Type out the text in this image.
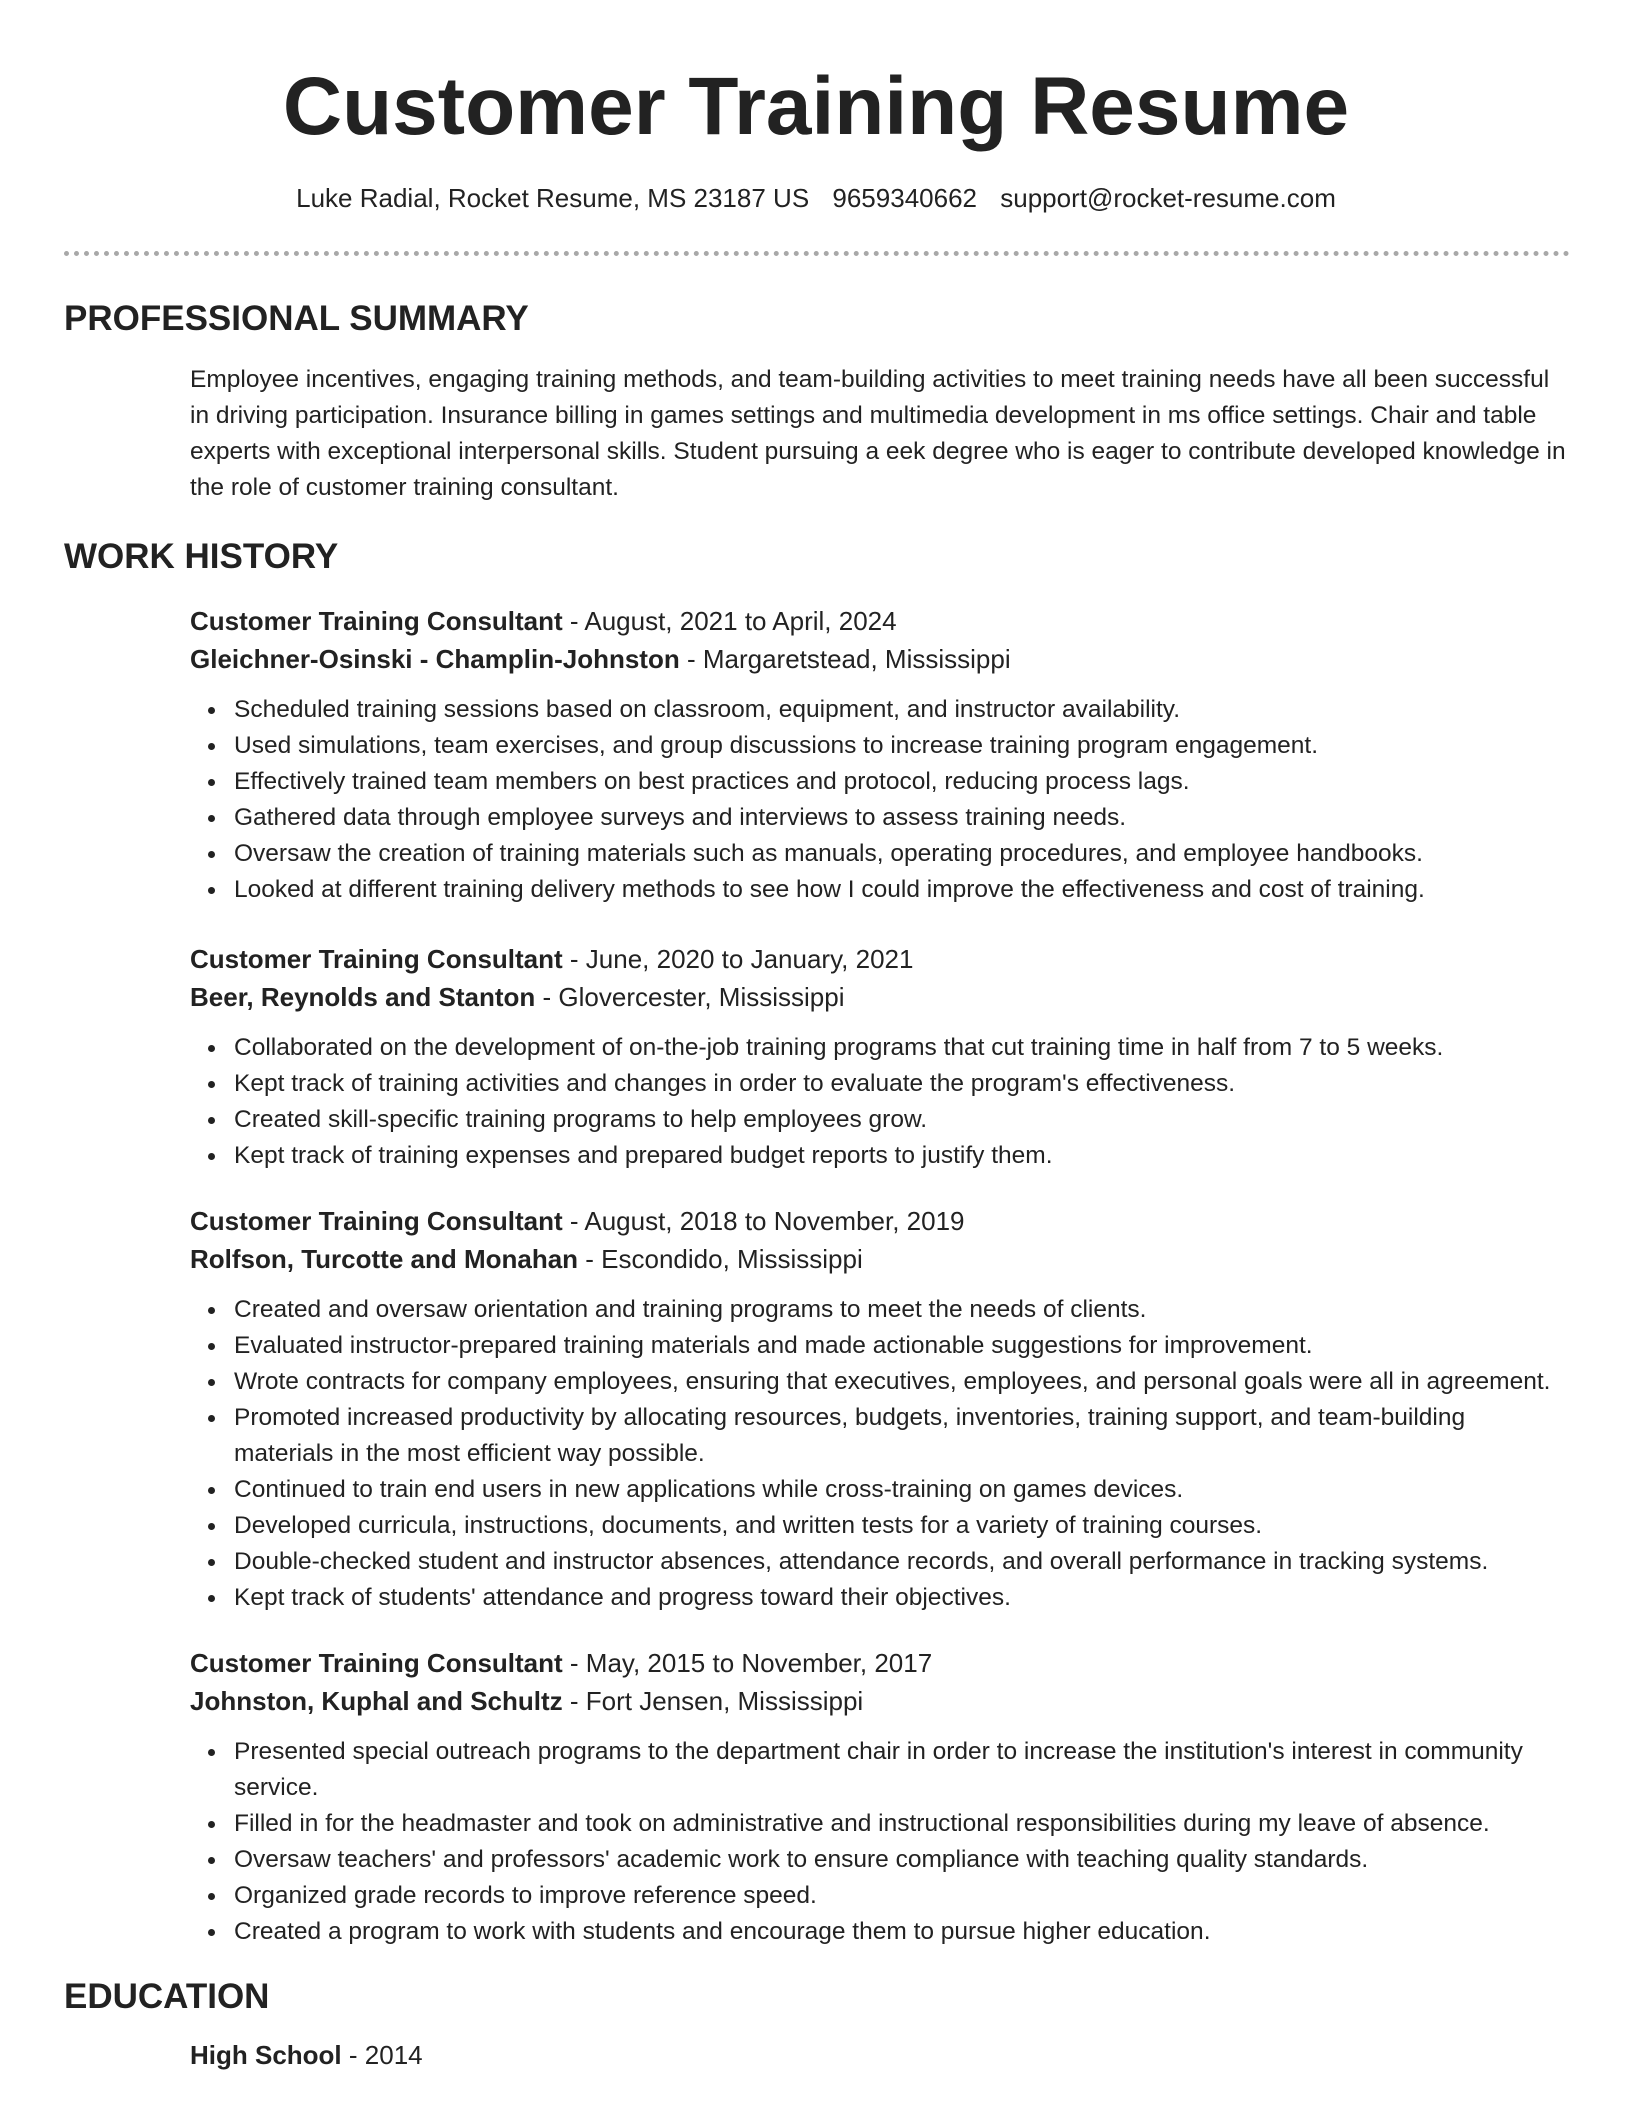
Customer Training Resume
Luke Radial, Rocket Resume, MS 23187 US 9659340662 support@rocket-resume.com
PROFESSIONAL SUMMARY

Employee incentives, engaging training methods, and team-building activities to meet training needs have all been successful in driving participation. Insurance billing in games settings and multimedia development in ms office settings. Chair and table experts with exceptional interpersonal skills. Student pursuing a eek degree who is eager to contribute developed knowledge in the role of customer training consultant.

WORK HISTORY

Customer Training Consultant - August, 2021 to April, 2024

Gleichner-Osinski - Champlin-Johnston - Margaretstead, Mississippi

Scheduled training sessions based on classroom, equipment, and instructor availability.
Used simulations, team exercises, and group discussions to increase training program engagement.
Effectively trained team members on best practices and protocol, reducing process lags.
Gathered data through employee surveys and interviews to assess training needs.
Oversaw the creation of training materials such as manuals, operating procedures, and employee handbooks.
Looked at different training delivery methods to see how I could improve the effectiveness and cost of training.

Customer Training Consultant - June, 2020 to January, 2021

Beer, Reynolds and Stanton - Glovercester, Mississippi

Collaborated on the development of on-the-job training programs that cut training time in half from 7 to 5 weeks.
Kept track of training activities and changes in order to evaluate the program's effectiveness.
Created skill-specific training programs to help employees grow.
Kept track of training expenses and prepared budget reports to justify them.

Customer Training Consultant - August, 2018 to November, 2019

Rolfson, Turcotte and Monahan - Escondido, Mississippi

Created and oversaw orientation and training programs to meet the needs of clients.
Evaluated instructor-prepared training materials and made actionable suggestions for improvement.
Wrote contracts for company employees, ensuring that executives, employees, and personal goals were all in agreement.
Promoted increased productivity by allocating resources, budgets, inventories, training support, and team-building materials in the most efficient way possible.
Continued to train end users in new applications while cross-training on games devices.
Developed curricula, instructions, documents, and written tests for a variety of training courses.
Double-checked student and instructor absences, attendance records, and overall performance in tracking systems.
Kept track of students' attendance and progress toward their objectives.

Customer Training Consultant - May, 2015 to November, 2017

Johnston, Kuphal and Schultz - Fort Jensen, Mississippi

Presented special outreach programs to the department chair in order to increase the institution's interest in community service.
Filled in for the headmaster and took on administrative and instructional responsibilities during my leave of absence.
Oversaw teachers' and professors' academic work to ensure compliance with teaching quality standards.
Organized grade records to improve reference speed.
Created a program to work with students and encourage them to pursue higher education.
EDUCATION

High School - 2014
